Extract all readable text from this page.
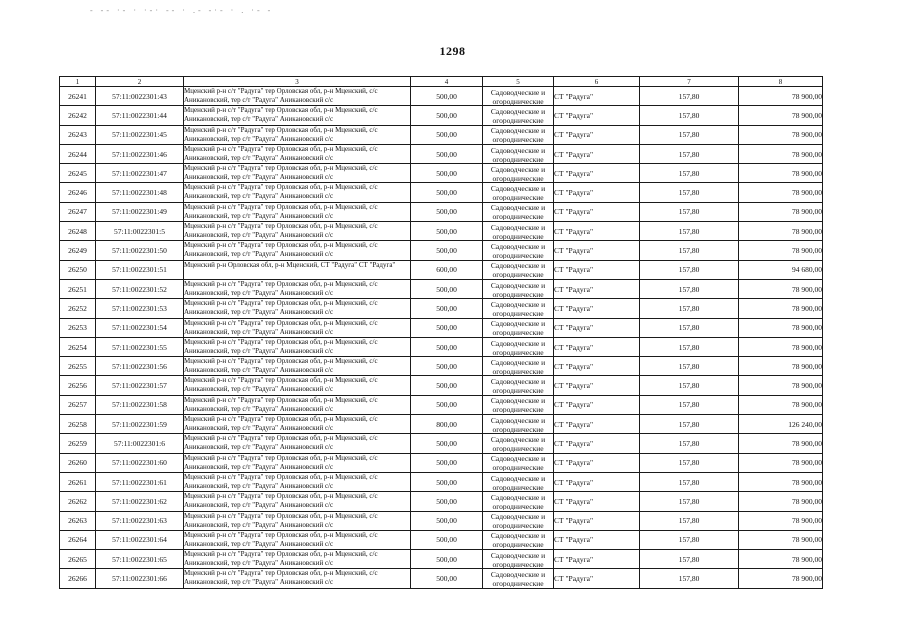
- -- ·- · ·-· -- · .- -·- · . ·- -
1298
1	2	3	4	5	6	7	8
26241	57:11:0022301:43	Мценский р-н с/т "Радуга" тер Орловская обл, р-н Мценский, с/с Аникановский, тер с/т "Радуга" Аникановский с/с	500,00	Садоводческие и огороднические	СТ "Радуга"	157,80	78 900,00
26242	57:11:0022301:44	Мценский р-н с/т "Радуга" тер Орловская обл, р-н Мценский, с/с Аникановский, тер с/т "Радуга" Аникановский с/с	500,00	Садоводческие и огороднические	СТ "Радуга"	157,80	78 900,00
26243	57:11:0022301:45	Мценский р-н с/т "Радуга" тер Орловская обл, р-н Мценский, с/с Аникановский, тер с/т "Радуга" Аникановский с/с	500,00	Садоводческие и огороднические	СТ "Радуга"	157,80	78 900,00
26244	57:11:0022301:46	Мценский р-н с/т "Радуга" тер Орловская обл, р-н Мценский, с/с Аникановский, тер с/т "Радуга" Аникановский с/с	500,00	Садоводческие и огороднические	СТ "Радуга"	157,80	78 900,00
26245	57:11:0022301:47	Мценский р-н с/т "Радуга" тер Орловская обл, р-н Мценский, с/с Аникановский, тер с/т "Радуга" Аникановский с/с	500,00	Садоводческие и огороднические	СТ "Радуга"	157,80	78 900,00
26246	57:11:0022301:48	Мценский р-н с/т "Радуга" тер Орловская обл, р-н Мценский, с/с Аникановский, тер с/т "Радуга" Аникановский с/с	500,00	Садоводческие и огороднические	СТ "Радуга"	157,80	78 900,00
26247	57:11:0022301:49	Мценский р-н с/т "Радуга" тер Орловская обл, р-н Мценский, с/с Аникановский, тер с/т "Радуга" Аникановский с/с	500,00	Садоводческие и огороднические	СТ "Радуга"	157,80	78 900,00
26248	57:11:0022301:5	Мценский р-н с/т "Радуга" тер Орловская обл, р-н Мценский, с/с Аникановский, тер с/т "Радуга" Аникановский с/с	500,00	Садоводческие и огороднические	СТ "Радуга"	157,80	78 900,00
26249	57:11:0022301:50	Мценский р-н с/т "Радуга" тер Орловская обл, р-н Мценский, с/с Аникановский, тер с/т "Радуга" Аникановский с/с	500,00	Садоводческие и огороднические	СТ "Радуга"	157,80	78 900,00
26250	57:11:0022301:51	Мценский р-н Орловская обл, р-н Мценский, СТ "Радуга" СТ "Радуга"	600,00	Садоводческие и огороднические	СТ "Радуга"	157,80	94 680,00
26251	57:11:0022301:52	Мценский р-н с/т "Радуга" тер Орловская обл, р-н Мценский, с/с Аникановский, тер с/т "Радуга" Аникановский с/с	500,00	Садоводческие и огороднические	СТ "Радуга"	157,80	78 900,00
26252	57:11:0022301:53	Мценский р-н с/т "Радуга" тер Орловская обл, р-н Мценский, с/с Аникановский, тер с/т "Радуга" Аникановский с/с	500,00	Садоводческие и огороднические	СТ "Радуга"	157,80	78 900,00
26253	57:11:0022301:54	Мценский р-н с/т "Радуга" тер Орловская обл, р-н Мценский, с/с Аникановский, тер с/т "Радуга" Аникановский с/с	500,00	Садоводческие и огороднические	СТ "Радуга"	157,80	78 900,00
26254	57:11:0022301:55	Мценский р-н с/т "Радуга" тер Орловская обл, р-н Мценский, с/с Аникановский, тер с/т "Радуга" Аникановский с/с	500,00	Садоводческие и огороднические	СТ "Радуга"	157,80	78 900,00
26255	57:11:0022301:56	Мценский р-н с/т "Радуга" тер Орловская обл, р-н Мценский, с/с Аникановский, тер с/т "Радуга" Аникановский с/с	500,00	Садоводческие и огороднические	СТ "Радуга"	157,80	78 900,00
26256	57:11:0022301:57	Мценский р-н с/т "Радуга" тер Орловская обл, р-н Мценский, с/с Аникановский, тер с/т "Радуга" Аникановский с/с	500,00	Садоводческие и огороднические	СТ "Радуга"	157,80	78 900,00
26257	57:11:0022301:58	Мценский р-н с/т "Радуга" тер Орловская обл, р-н Мценский, с/с Аникановский, тер с/т "Радуга" Аникановский с/с	500,00	Садоводческие и огороднические	СТ "Радуга"	157,80	78 900,00
26258	57:11:0022301:59	Мценский р-н с/т "Радуга" тер Орловская обл, р-н Мценский, с/с Аникановский, тер с/т "Радуга" Аникановский с/с	800,00	Садоводческие и огороднические	СТ "Радуга"	157,80	126 240,00
26259	57:11:0022301:6	Мценский р-н с/т "Радуга" тер Орловская обл, р-н Мценский, с/с Аникановский, тер с/т "Радуга" Аникановский с/с	500,00	Садоводческие и огороднические	СТ "Радуга"	157,80	78 900,00
26260	57:11:0022301:60	Мценский р-н с/т "Радуга" тер Орловская обл, р-н Мценский, с/с Аникановский, тер с/т "Радуга" Аникановский с/с	500,00	Садоводческие и огороднические	СТ "Радуга"	157,80	78 900,00
26261	57:11:0022301:61	Мценский р-н с/т "Радуга" тер Орловская обл, р-н Мценский, с/с Аникановский, тер с/т "Радуга" Аникановский с/с	500,00	Садоводческие и огороднические	СТ "Радуга"	157,80	78 900,00
26262	57:11:0022301:62	Мценский р-н с/т "Радуга" тер Орловская обл, р-н Мценский, с/с Аникановский, тер с/т "Радуга" Аникановский с/с	500,00	Садоводческие и огороднические	СТ "Радуга"	157,80	78 900,00
26263	57:11:0022301:63	Мценский р-н с/т "Радуга" тер Орловская обл, р-н Мценский, с/с Аникановский, тер с/т "Радуга" Аникановский с/с	500,00	Садоводческие и огороднические	СТ "Радуга"	157,80	78 900,00
26264	57:11:0022301:64	Мценский р-н с/т "Радуга" тер Орловская обл, р-н Мценский, с/с Аникановский, тер с/т "Радуга" Аникановский с/с	500,00	Садоводческие и огороднические	СТ "Радуга"	157,80	78 900,00
26265	57:11:0022301:65	Мценский р-н с/т "Радуга" тер Орловская обл, р-н Мценский, с/с Аникановский, тер с/т "Радуга" Аникановский с/с	500,00	Садоводческие и огороднические	СТ "Радуга"	157,80	78 900,00
26266	57:11:0022301:66	Мценский р-н с/т "Радуга" тер Орловская обл, р-н Мценский, с/с Аникановский, тер с/т "Радуга" Аникановский с/с	500,00	Садоводческие и огороднические	СТ "Радуга"	157,80	78 900,00
